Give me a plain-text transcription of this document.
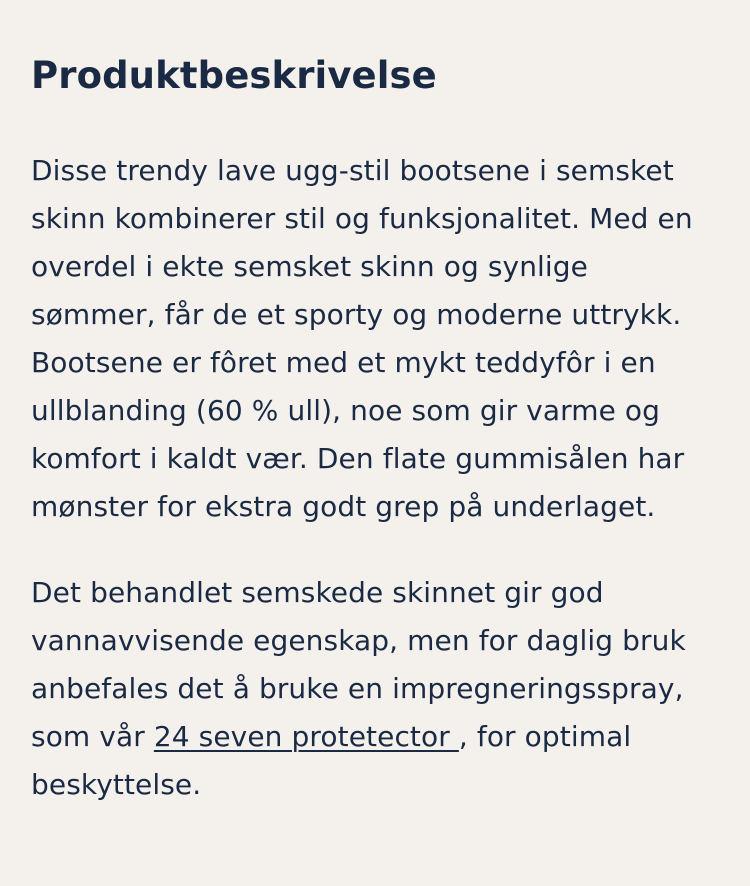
Produktbeskrivelse

Disse trendy lave ugg-stil bootsene i semsket skinn kombinerer stil og funksjonalitet. Med en overdel i ekte semsket skinn og synlige sømmer, får de et sporty og moderne uttrykk. Bootsene er fôret med et mykt teddyfôr i en ullblanding (60 % ull), noe som gir varme og komfort i kaldt vær. Den flate gummisålen har mønster for ekstra godt grep på underlaget.

Det behandlet semskede skinnet gir god vannavvisende egenskap, men for daglig bruk anbefales det å bruke en impregneringsspray, som vår 24 seven protetector , for optimal beskyttelse.
